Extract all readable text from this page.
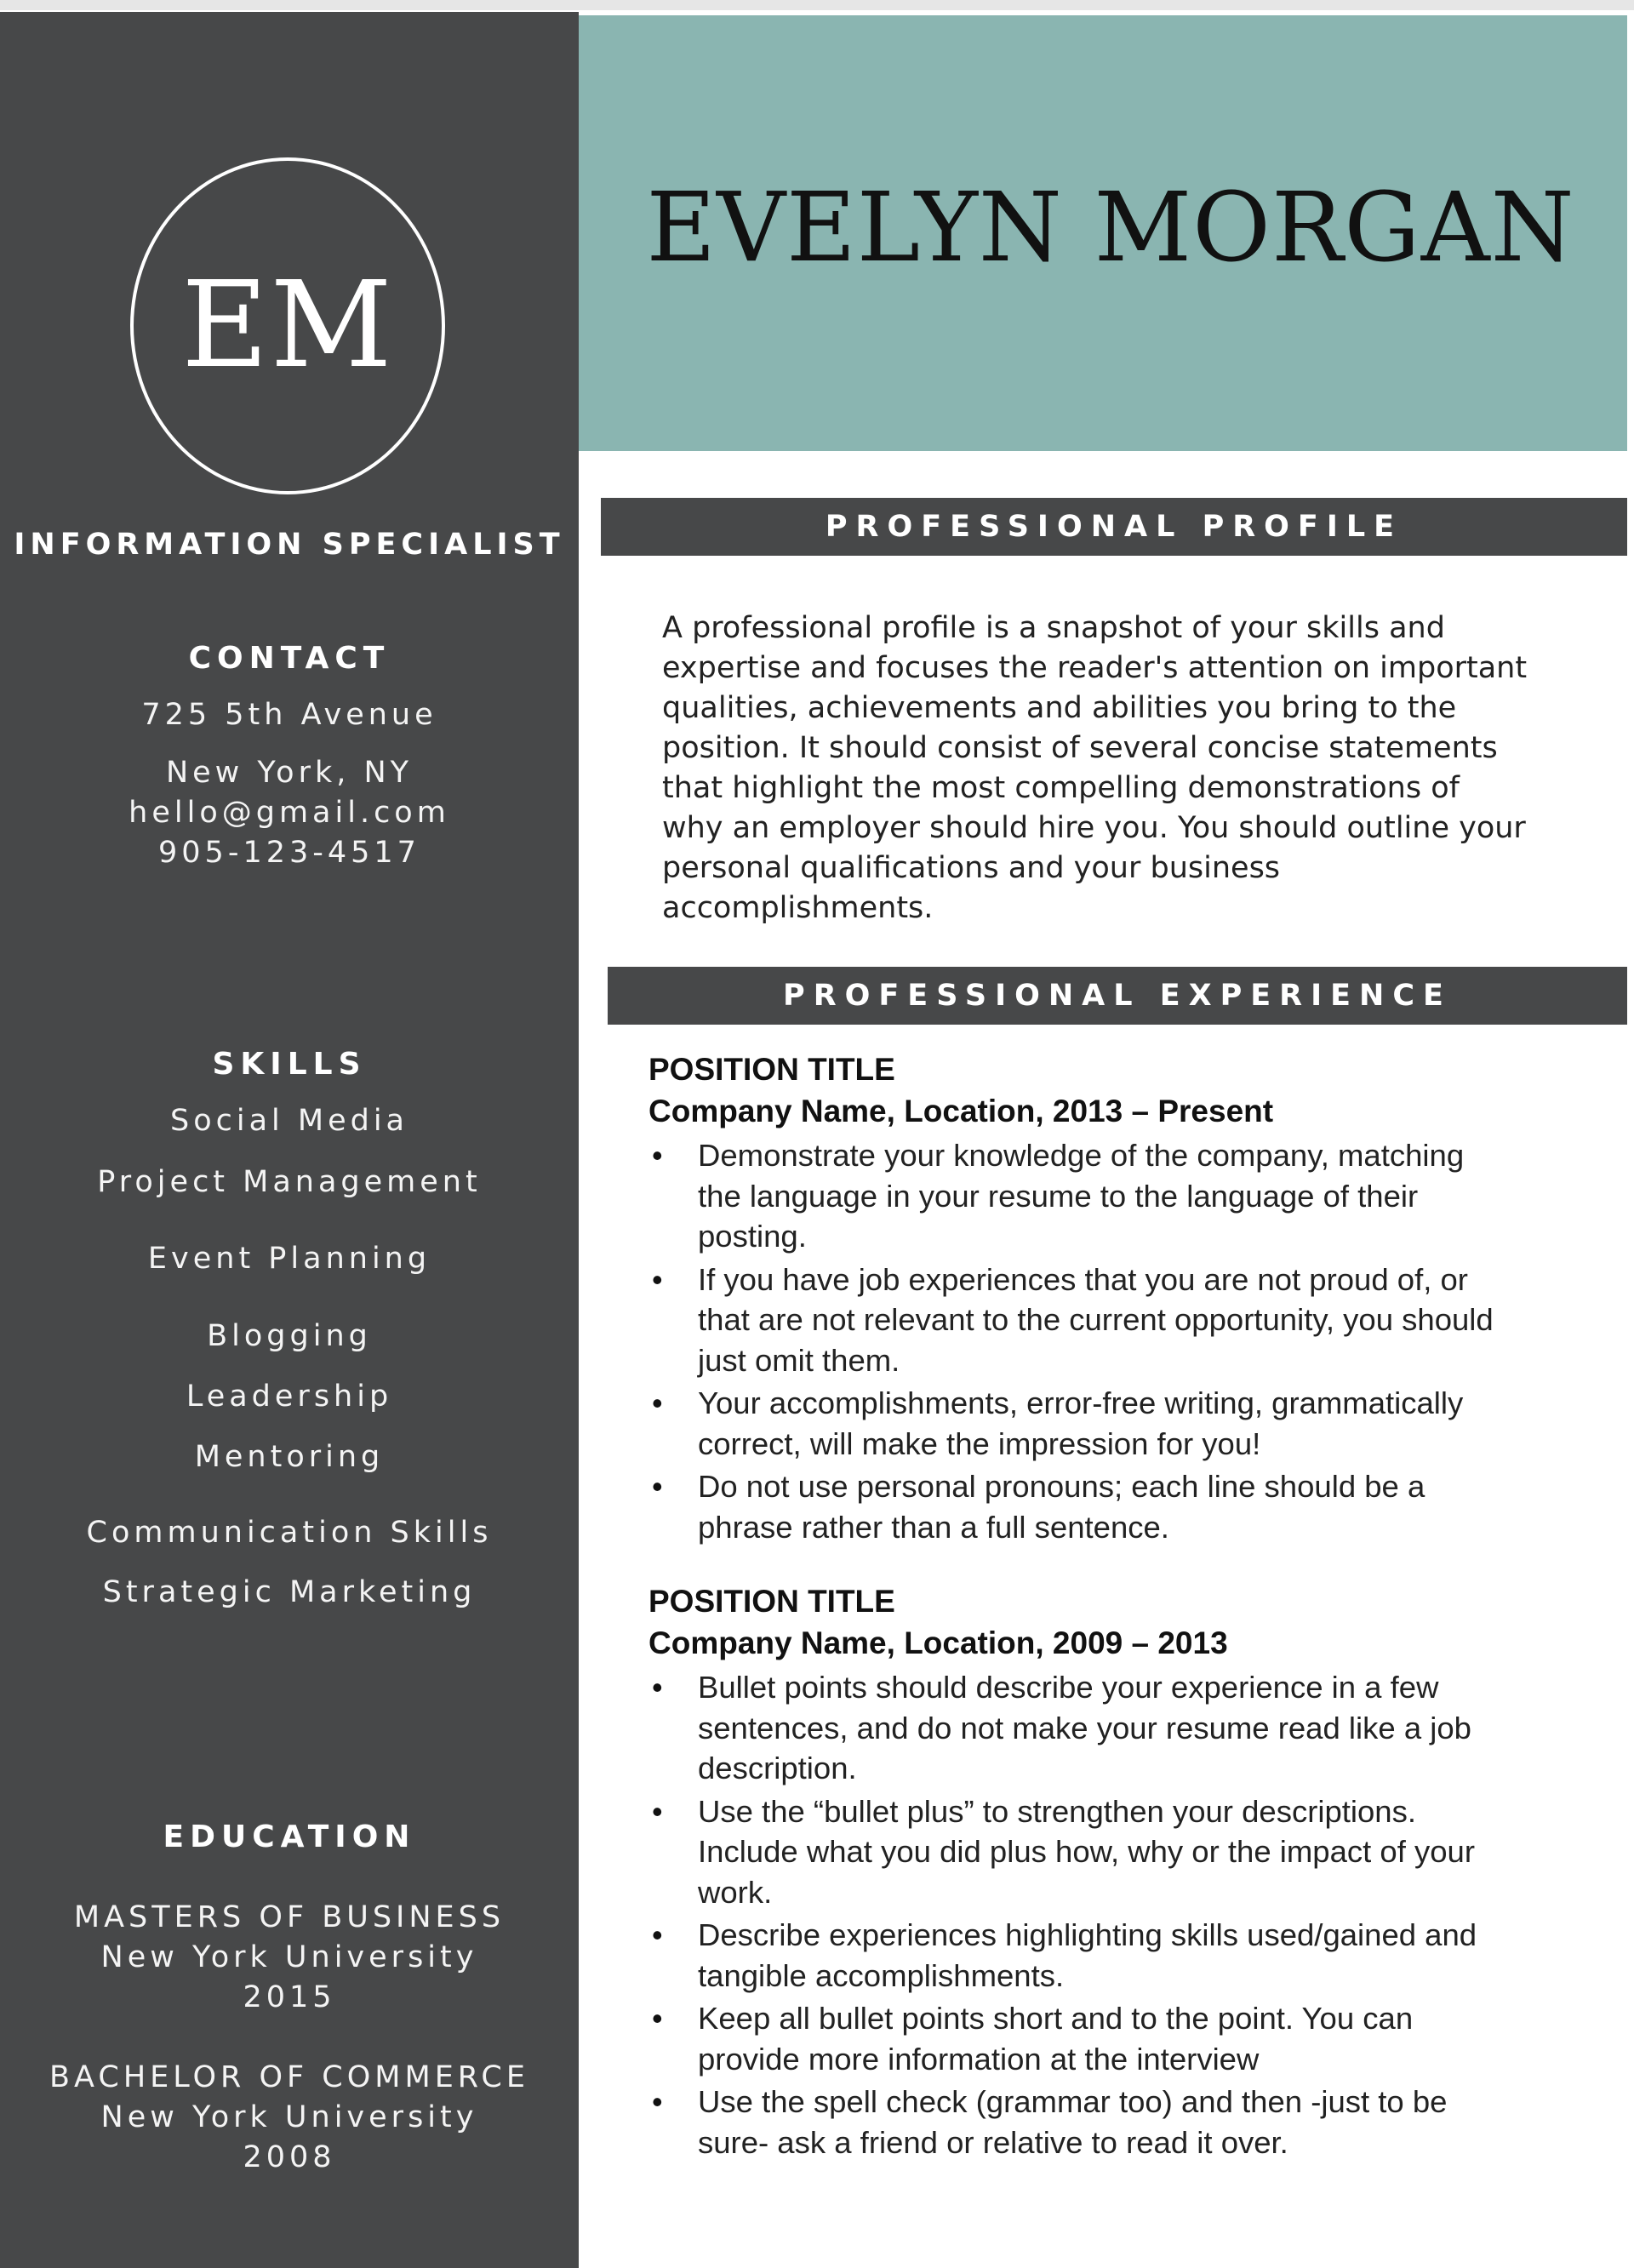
EM
INFORMATION SPECIALIST
CONTACT
725 5th Avenue
New York, NY
hello@gmail.com
905-123-4517
SKILLS
Social Media
Project Management
Event Planning
Blogging
Leadership
Mentoring
Communication Skills
Strategic Marketing
EDUCATION
MASTERS OF BUSINESS
New York University
2015
BACHELOR OF COMMERCE
New York University
2008
EVELYN MORGAN
PROFESSIONAL PROFILE
A professional profile is a snapshot of your skills and
expertise and focuses the reader's attention on important
qualities, achievements and abilities you bring to the
position. It should consist of several concise statements
that highlight the most compelling demonstrations of
why an employer should hire you. You should outline your
personal qualifications and your business
accomplishments.
PROFESSIONAL EXPERIENCE
POSITION TITLE
Company Name, Location, 2013 – Present
• Demonstrate your knowledge of the company, matching
the language in your resume to the language of their
posting.
• If you have job experiences that you are not proud of, or
that are not relevant to the current opportunity, you should
just omit them.
• Your accomplishments, error-free writing, grammatically
correct, will make the impression for you!
• Do not use personal pronouns; each line should be a
phrase rather than a full sentence.
POSITION TITLE
Company Name, Location, 2009 – 2013
• Bullet points should describe your experience in a few
sentences, and do not make your resume read like a job
description.
• Use the “bullet plus” to strengthen your descriptions.
Include what you did plus how, why or the impact of your
work.
• Describe experiences highlighting skills used/gained and
tangible accomplishments.
• Keep all bullet points short and to the point. You can
provide more information at the interview
• Use the spell check (grammar too) and then -just to be
sure- ask a friend or relative to read it over.
